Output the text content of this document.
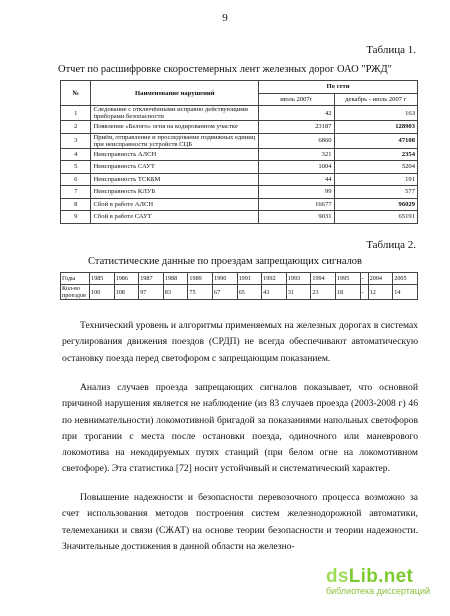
9
Таблица 1.
Отчет по расшифровке скоростемерных лент железных дорог ОАО "РЖД"
№	Наименование нарушений	По сети	
		июль 2007г	декабрь - июль 2007 г
1	Следование с отключёнными исправно действующими приборами безопасности	42	163
2	Появление «Белого» огня на кодированном участке	23187	128903
3	Приём, отправление и проследование подвижных единиц при неисправности устройств СЦБ	6860	47108
4	Неисправность АЛСН	321	2354
5	Неисправность САУТ	1004	5204
6	Неисправность ТСКБМ	44	191
7	Неисправность КЛУБ	99	577
8	Сбой в работе АЛСН	16677	96029
9	Сбой в работе САУТ	9031	65191
Таблица 2.
Статистические данные по проездам запрещающих сигналов
Годы	1985	1986	1987	1988	1989	1990	1991	1992	1993	1994	1995	-	2004	2005
Кол-во проездов	100	108	97	83	75	67	65	43	31	23	18	-	12	14

Технический уровень и алгоритмы применяемых на железных дорогах в системах регулирования движения поездов (СРДП) не всегда обеспечивают автоматическую остановку поезда перед светофором с запрещающим показанием.

Анализ случаев проезда запрещающих сигналов показывает, что основной причиной нарушения является не наблюдение (из 83 случаев проезда (2003-2008 г) 46 по невнимательности) локомотивной бригадой за показаниями напольных светофоров при трогании с места после остановки поезда, одиночного или маневрового локомотива на некодируемых путях станций (при белом огне на локомотивном светофоре). Эта статистика [72] носит устойчивый и систематический характер.

Повышение надежности и безопасности перевозочного процесса возможно за счет использования методов построения систем железнодорожной автоматики, телемеханики и связи (СЖАТ) на основе теории безопасности и теории надежности. Значительные достижения в данной области на железно-

dsLib.net
библиотека диссертаций
